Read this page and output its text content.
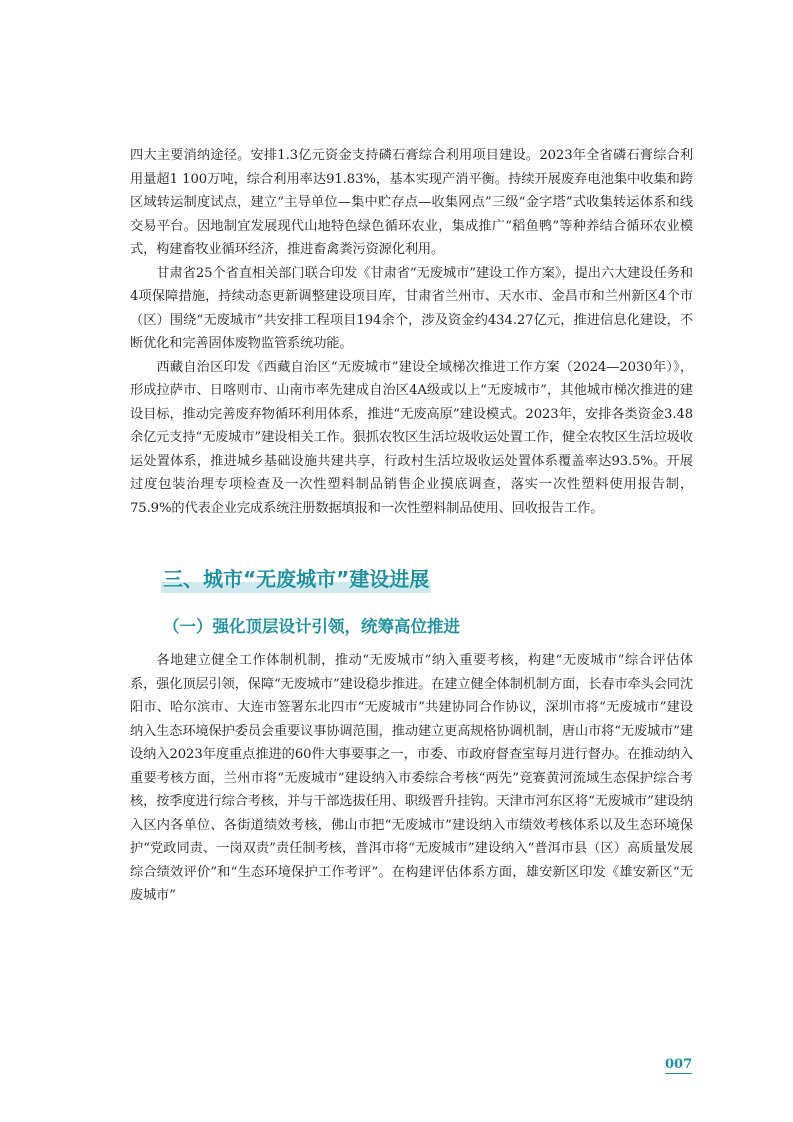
四大主要消纳途径。安排1.3亿元资金支持磷石膏综合利用项目建设。2023年全省磷石膏综合利用量超1 100万吨，综合利用率达91.83%，基本实现产消平衡。持续开展废弃电池集中收集和跨区域转运制度试点，建立“主导单位—集中贮存点—收集网点”三级“金字塔”式收集转运体系和线交易平台。因地制宜发展现代山地特色绿色循环农业，集成推广“稻鱼鸭”等种养结合循环农业模式，构建畜牧业循环经济，推进畜禽粪污资源化利用。

甘肃省25个省直相关部门联合印发《甘肃省“无废城市”建设工作方案》，提出六大建设任务和4项保障措施，持续动态更新调整建设项目库，甘肃省兰州市、天水市、金昌市和兰州新区4个市（区）围绕“无废城市”共安排工程项目194余个，涉及资金约434.27亿元，推进信息化建设，不断优化和完善固体废物监管系统功能。

西藏自治区印发《西藏自治区“无废城市”建设全域梯次推进工作方案（2024—2030年）》，形成拉萨市、日喀则市、山南市率先建成自治区4A级或以上“无废城市”，其他城市梯次推进的建设目标，推动完善废弃物循环利用体系，推进“无废高原”建设模式。2023年，安排各类资金3.48余亿元支持“无废城市”建设相关工作。狠抓农牧区生活垃圾收运处置工作，健全农牧区生活垃圾收运处置体系，推进城乡基础设施共建共享，行政村生活垃圾收运处置体系覆盖率达93.5%。开展过度包装治理专项检查及一次性塑料制品销售企业摸底调查，落实一次性塑料使用报告制，75.9%的代表企业完成系统注册数据填报和一次性塑料制品使用、回收报告工作。

三、城市“无废城市”建设进展
（一）强化顶层设计引领，统筹高位推进

各地建立健全工作体制机制，推动“无废城市”纳入重要考核，构建“无废城市”综合评估体系，强化顶层引领，保障“无废城市”建设稳步推进。在建立健全体制机制方面，长春市牵头会同沈阳市、哈尔滨市、大连市签署东北四市“无废城市”共建协同合作协议，深圳市将“无废城市”建设纳入生态环境保护委员会重要议事协调范围，推动建立更高规格协调机制，唐山市将“无废城市”建设纳入2023年度重点推进的60件大事要事之一，市委、市政府督查室每月进行督办。在推动纳入重要考核方面，兰州市将“无废城市”建设纳入市委综合考核“两先”竞赛黄河流域生态保护综合考核，按季度进行综合考核，并与干部选拔任用、职级晋升挂钩。天津市河东区将“无废城市”建设纳入区内各单位、各街道绩效考核，佛山市把“无废城市”建设纳入市绩效考核体系以及生态环境保护“党政同责、一岗双责”责任制考核，普洱市将“无废城市”建设纳入“普洱市县（区）高质量发展综合绩效评价”和“生态环境保护工作考评”。在构建评估体系方面，雄安新区印发《雄安新区“无废城市”

007
